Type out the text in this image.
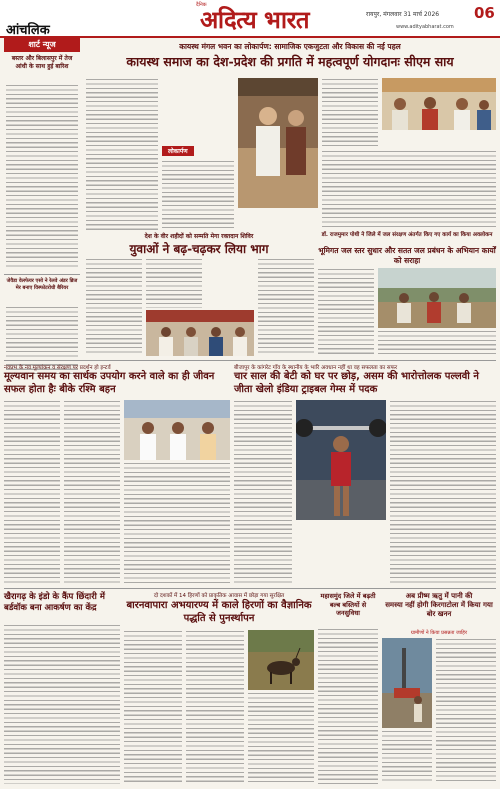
आंचलिक
दैनिक
अदित्य भारत	रायपुर, मंगलवार 31 मार्च 2026 06
www.adityabharat.com
शार्ट न्यूज
बस्तर और बिलासपुर में तेज आंधी के साथ हुई बारिश
जेवैडा वेलफेयर एसो ने रेलवे अंडर ब्रिज मेर बनाए विस्फोटरोधी बैरियर
कायस्थ मंगल भवन का लोकार्पण: सामाजिक एकजुटता और विकास की नई पहल
कायस्थ समाज का देश-प्रदेश की प्रगति में महत्वपूर्ण योगदानः सीएम साय
लोकार्पण
देश के वीर शहीदों को सम्मति मेगा रक्तदान शिविर
युवाओं ने बढ़-चढ़कर लिया भाग
डॉ. राजमुमार पोथी ने जिले में जल संरक्षण अंतर्गत किए गए कार्य का किया अवलोकन
भूमिगत जल स्तर सुधार और सतत जल प्रबंधन के अभियान कार्यों को सराहा
नवप्रभ के नव मूल्यांकन व संरक्षण पर प्रदर्शन हो इन्टर्व
मूल्यवान समय का सार्थक उपयोग करने वाले का ही जीवन सफल होता हैः बीके रश्मि बहन
बीजापुर के कांगरेट गाँव के स्थानीय के भारि अवधान नहीं था वह सफलता का सफर
चार साल की बेटी को घर पर छोड़, असम की भारोत्तोलक पल्लवी ने जीता खेलो इंडिया ट्राइबल गेम्स में पदक
खैरागढ़ के इंडो के कैंप छिंदारी में बर्डवॉक बना आकर्षण का केंद्र
दो दशकों में 14 हिरणों को प्राकृतिक आवास में छोड़ा गया सुरक्षित
बारनवापारा अभयारण्य में काले हिरणों का वैज्ञानिक पद्धति से पुनर्स्थापन
महासमुंद जिले में बढ़ती बल्ब बस्तियों से जनसुविधा
अब प्रीष्म ऋतु में पानी की
समस्या नहीं होगी किरगाटोला में किया गया बोर खनन
ग्रामीणों ने किया प्रसन्नता जाहिर
